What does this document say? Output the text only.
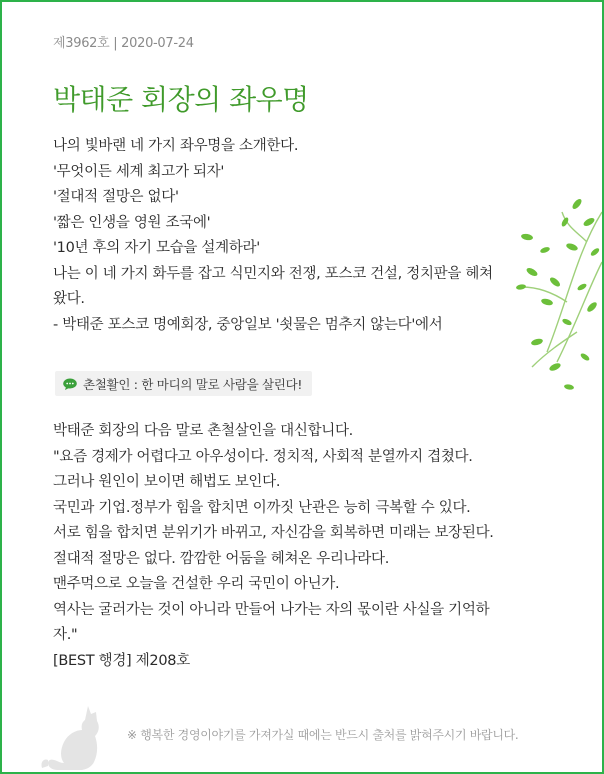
제3962호 | 2020-07-24
박태준 회장의 좌우명
나의 빛바랜 네 가지 좌우명을 소개한다.
'무엇이든 세계 최고가 되자'
'절대적 절망은 없다'
'짧은 인생을 영원 조국에'
'10년 후의 자기 모습을 설계하라'
나는 이 네 가지 화두를 잡고 식민지와 전쟁, 포스코 건설, 정치판을 헤쳐왔다.
- 박태준 포스코 명예회장, 중앙일보 '쇳물은 멈추지 않는다'에서
촌철활인 : 한 마디의 말로 사람을 살린다!
박태준 회장의 다음 말로 촌철살인을 대신합니다.
"요즘 경제가 어렵다고 아우성이다. 정치적, 사회적 분열까지 겹쳤다.
그러나 원인이 보이면 해법도 보인다.
국민과 기업.정부가 힘을 합치면 이까짓 난관은 능히 극복할 수 있다.
서로 힘을 합치면 분위기가 바뀌고, 자신감을 회복하면 미래는 보장된다.
절대적 절망은 없다. 깜깜한 어둠을 헤쳐온 우리나라다.
맨주먹으로 오늘을 건설한 우리 국민이 아닌가.
역사는 굴러가는 것이 아니라 만들어 나가는 자의 몫이란 사실을 기억하자."
[BEST 행경] 제208호
※ 행복한 경영이야기를 가져가실 때에는 반드시 출처를 밝혀주시기 바랍니다.
